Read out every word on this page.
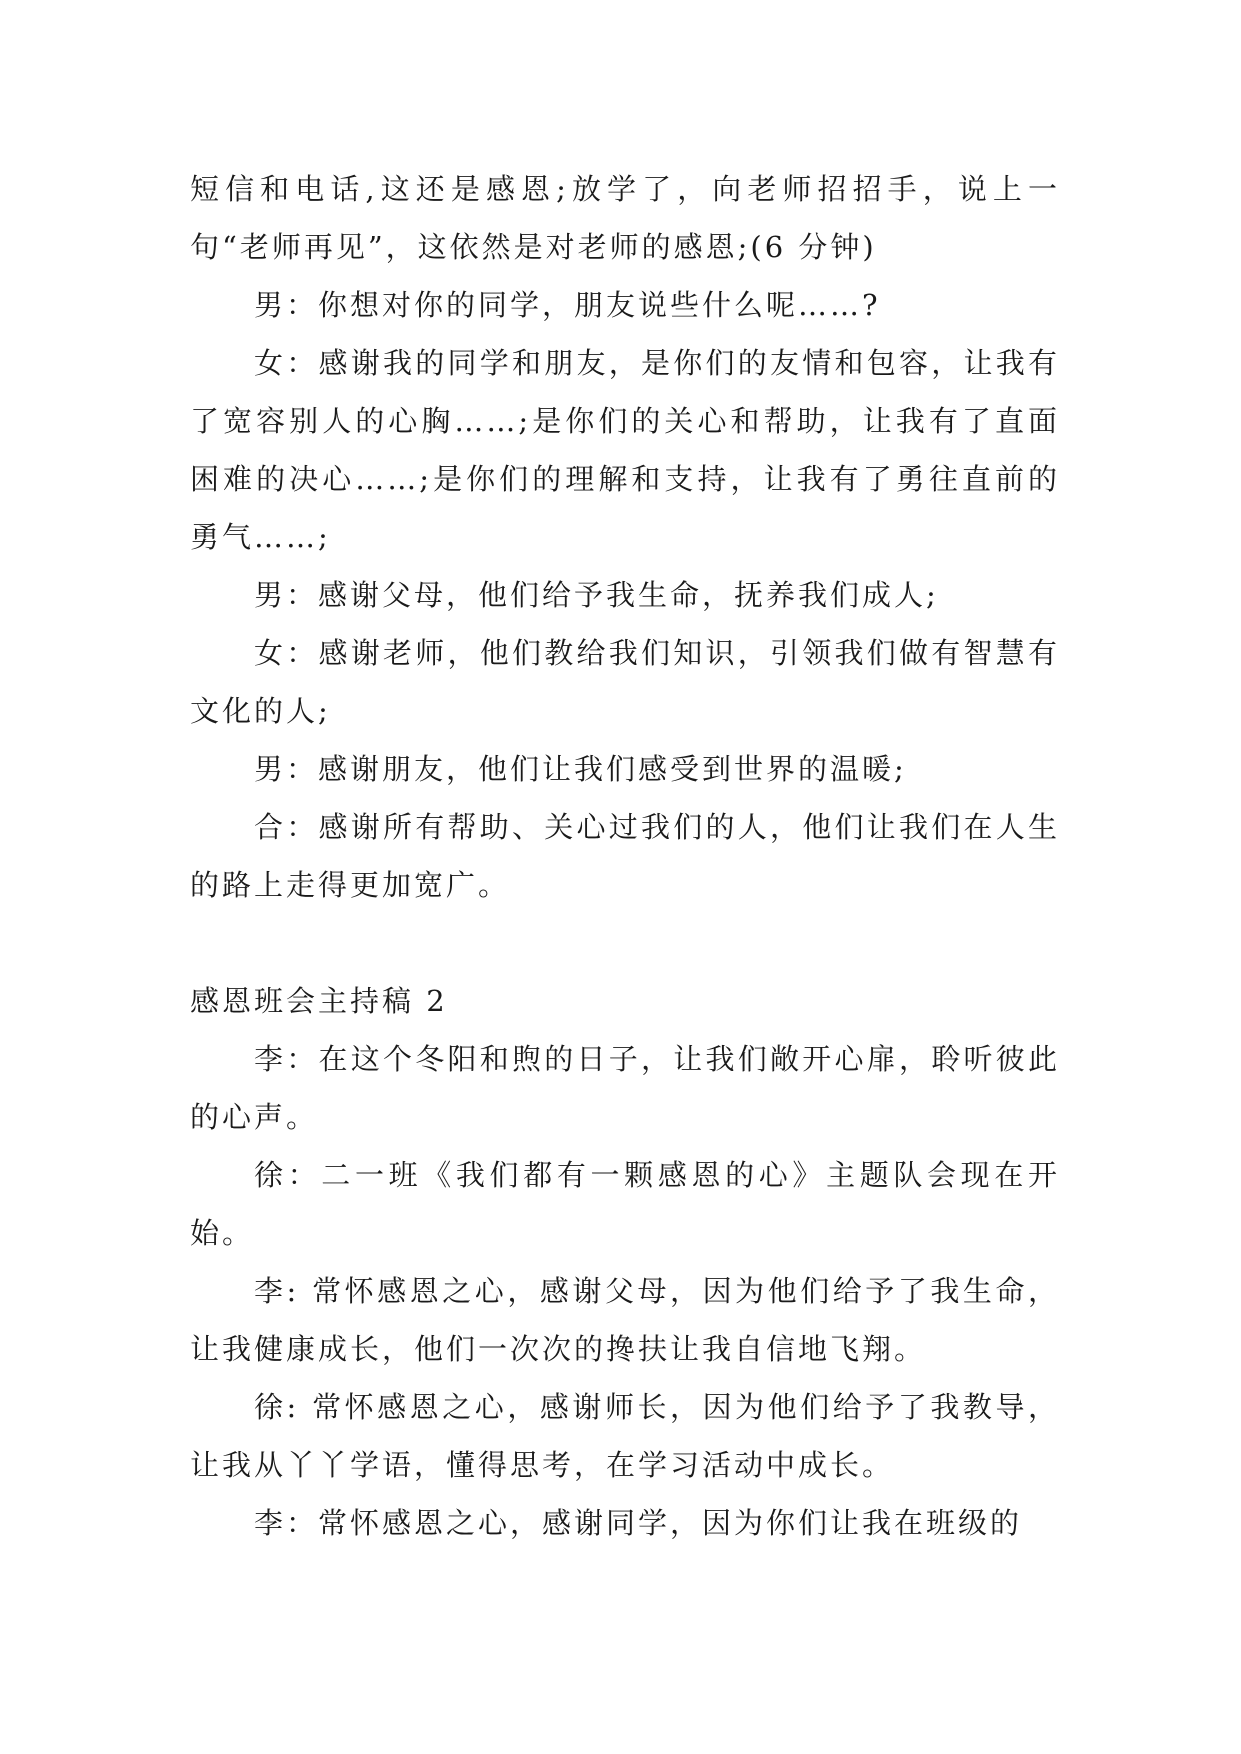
短信和电话,这还是感恩;放学了，向老师招招手，说上一句“老师再见”，这依然是对老师的感恩;(6 分钟)

男：你想对你的同学，朋友说些什么呢……?

女：感谢我的同学和朋友，是你们的友情和包容，让我有了宽容别人的心胸……;是你们的关心和帮助，让我有了直面困难的决心……;是你们的理解和支持，让我有了勇往直前的勇气……;

男：感谢父母，他们给予我生命，抚养我们成人;

女：感谢老师，他们教给我们知识，引领我们做有智慧有文化的人;

男：感谢朋友，他们让我们感受到世界的温暖;

合：感谢所有帮助、关心过我们的人，他们让我们在人生的路上走得更加宽广。

感恩班会主持稿 2

李：在这个冬阳和煦的日子，让我们敞开心扉，聆听彼此的心声。

徐：二一班《我们都有一颗感恩的心》主题队会现在开始。

李: 常怀感恩之心，感谢父母，因为他们给予了我生命，让我健康成长，他们一次次的搀扶让我自信地飞翔。

徐: 常怀感恩之心，感谢师长，因为他们给予了我教导，让我从丫丫学语，懂得思考，在学习活动中成长。

李：常怀感恩之心，感谢同学，因为你们让我在班级的
